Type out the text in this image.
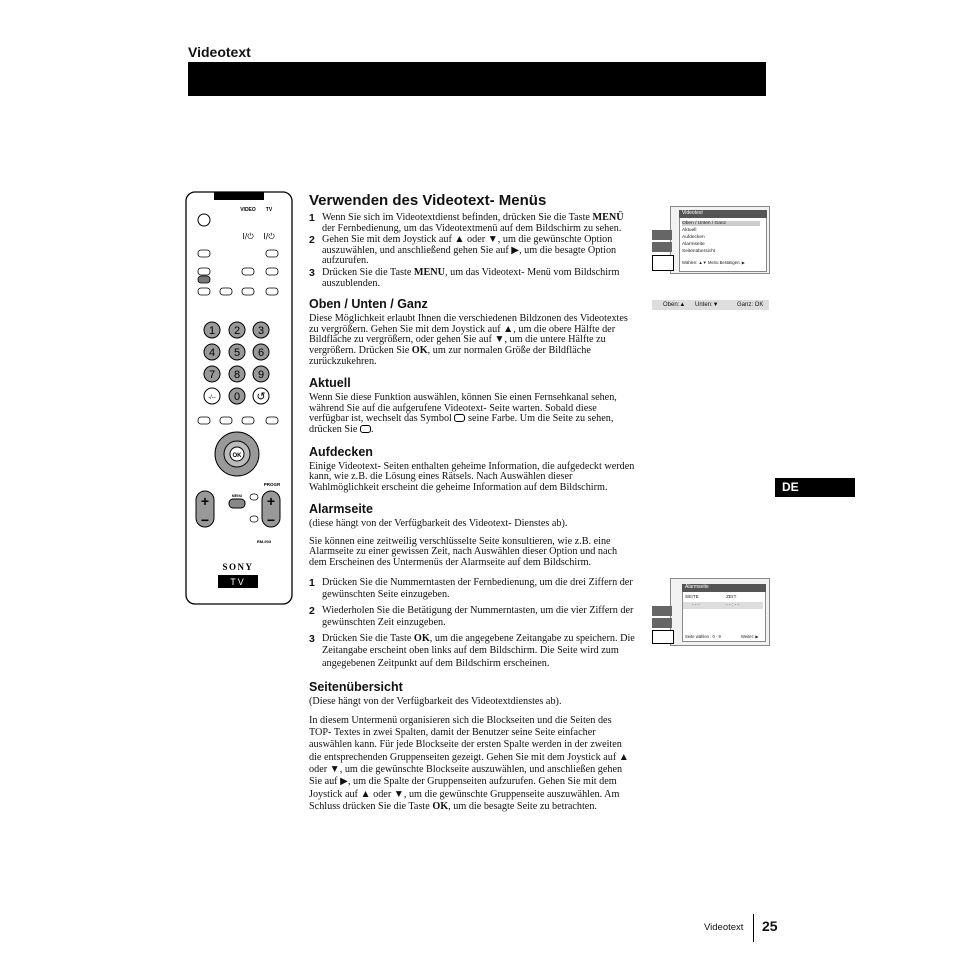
Videotext
VIDEO TV
I/⏻ I/⏻
1 2 3
4 5 6
7 8 9
-/-- 0 ↺
OK
PROGR
+
−
+
−
MENU
RM-903
SONY
TV
Verwenden des Videotext- Menüs
1 Wenn Sie sich im Videotextdienst befinden, drücken Sie die Taste MENÜ der Fernbedienung, um das Videotextmenü auf dem Bildschirm zu sehen.
2 Gehen Sie mit dem Joystick auf ▲ oder ▼, um die gewünschte Option auszuwählen, und anschließend gehen Sie auf ▶, um die besagte Option aufzurufen.
3 Drücken Sie die Taste MENU, um das Videotext- Menü vom Bildschirm auszublenden.
Oben / Unten / Ganz

Diese Möglichkeit erlaubt Ihnen die verschiedenen Bildzonen des Videotextes zu vergrößern. Gehen Sie mit dem Joystick auf ▲, um die obere Hälfte der Bildfläche zu vergrößern, oder gehen Sie auf ▼, um die untere Hälfte zu vergrößern. Drücken Sie OK, um zur normalen Größe der Bildfläche zurückzukehren.

Aktuell

Wenn Sie diese Funktion auswählen, können Sie einen Fernsehkanal sehen, während Sie auf die aufgerufene Videotext- Seite warten. Sobald diese verfügbar ist, wechselt das Symbol  seine Farbe. Um die Seite zu sehen, drücken Sie .

Aufdecken

Einige Videotext- Seiten enthalten geheime Information, die aufgedeckt werden kann, wie z.B. die Lösung eines Rätsels. Nach Auswählen dieser Wahlmöglichkeit erscheint die geheime Information auf dem Bildschirm.

Alarmseite

(diese hängt von der Verfügbarkeit des Videotext- Dienstes ab).

Sie können eine zeitweilig verschlüsselte Seite konsultieren, wie z.B. eine Alarmseite zu einer gewissen Zeit, nach Auswählen dieser Option und nach dem Erscheinen des Untermenüs der Alarmseite auf dem Bildschirm.

1 Drücken Sie die Nummerntasten der Fernbedienung, um die drei Ziffern der gewünschten Seite einzugeben.
2 Wiederholen Sie die Betätigung der Nummerntasten, um die vier Ziffern der gewünschten Zeit einzugeben.
3 Drücken Sie die Taste OK, um die angegebene Zeitangabe zu speichern. Die Zeitangabe erscheint oben links auf dem Bildschirm. Die Seite wird zum angegebenen Zeitpunkt auf dem Bildschirm erscheinen.
Seitenübersicht

(Diese hängt von der Verfügbarkeit des Videotextdienstes ab).

In diesem Untermenü organisieren sich die Blockseiten und die Seiten des TOP- Textes in zwei Spalten, damit der Benutzer seine Seite einfacher auswählen kann. Für jede Blockseite der ersten Spalte werden in der zweiten die entsprechenden Gruppenseiten gezeigt. Gehen Sie mit dem Joystick auf ▲ oder ▼, um die gewünschte Blockseite auszuwählen, und anschließen gehen Sie auf ▶, um die Spalte der Gruppenseiten aufzurufen. Gehen Sie mit dem Joystick auf ▲ oder ▼, um die gewünschte Gruppenseite auszuwählen. Am Schluss drücken Sie die Taste OK, um die besagte Seite zu betrachten.

Videotext
Oben / Unten / Ganz
Aktuell
Aufdecken
Alarmseite
Seitenübersicht
Wählen: ▲▼ Menü Bestätigen: ▶
Oben:▲ Unten:▼	Ganz: OK
DE
Alarmseite
SEITE	ZEIT
- - -	- - : - -
Seite wählen : 0 - 9	Weiter: ▶
Videotext 25
